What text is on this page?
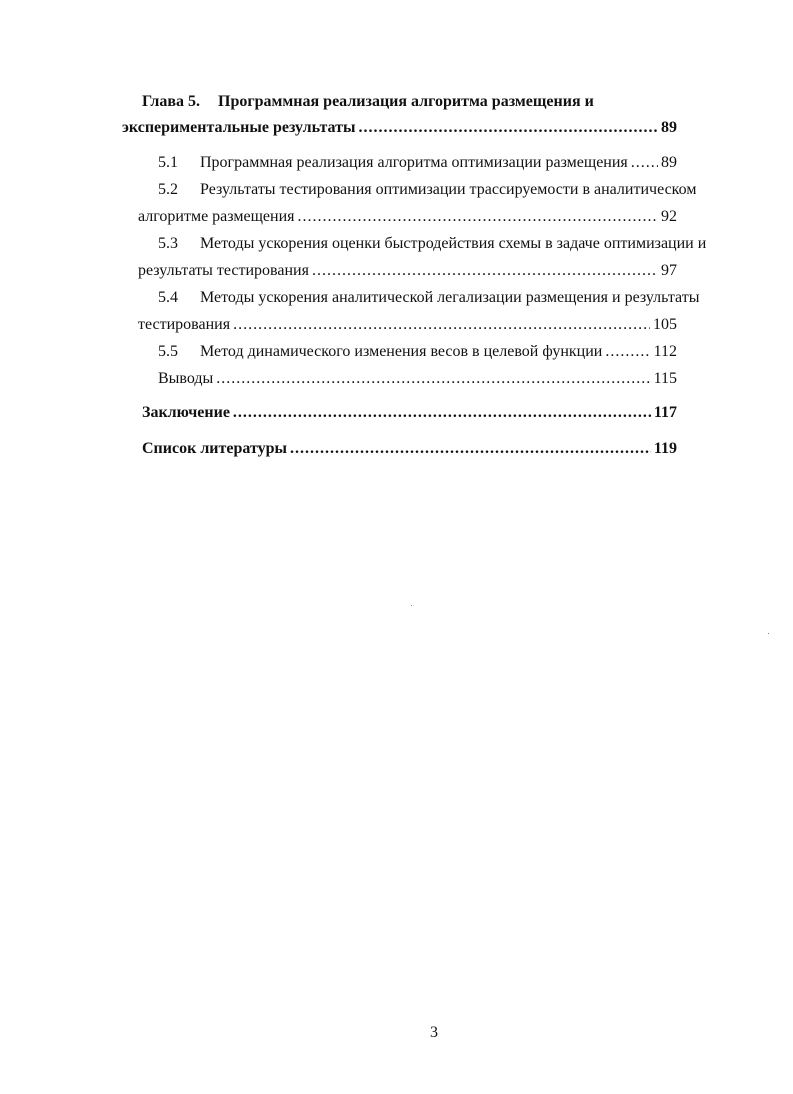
Глава 5. Программная реализация алгоритма размещения и
экспериментальные результаты .....	89
5.1 Программная реализация алгоритма оптимизации размещения ..... 89
5.2 Результаты тестирования оптимизации трассируемости в аналитическом
алгоритме размещения .....	92
5.3 Методы ускорения оценки быстродействия схемы в задаче оптимизации и
результаты тестирования .....	97
5.4 Методы ускорения аналитической легализации размещения и результаты
тестирования .....	105
5.5 Метод динамического изменения весов в целевой функции .....	112
Выводы .....	115
Заключение .....	117
Список литературы .....	119
3
